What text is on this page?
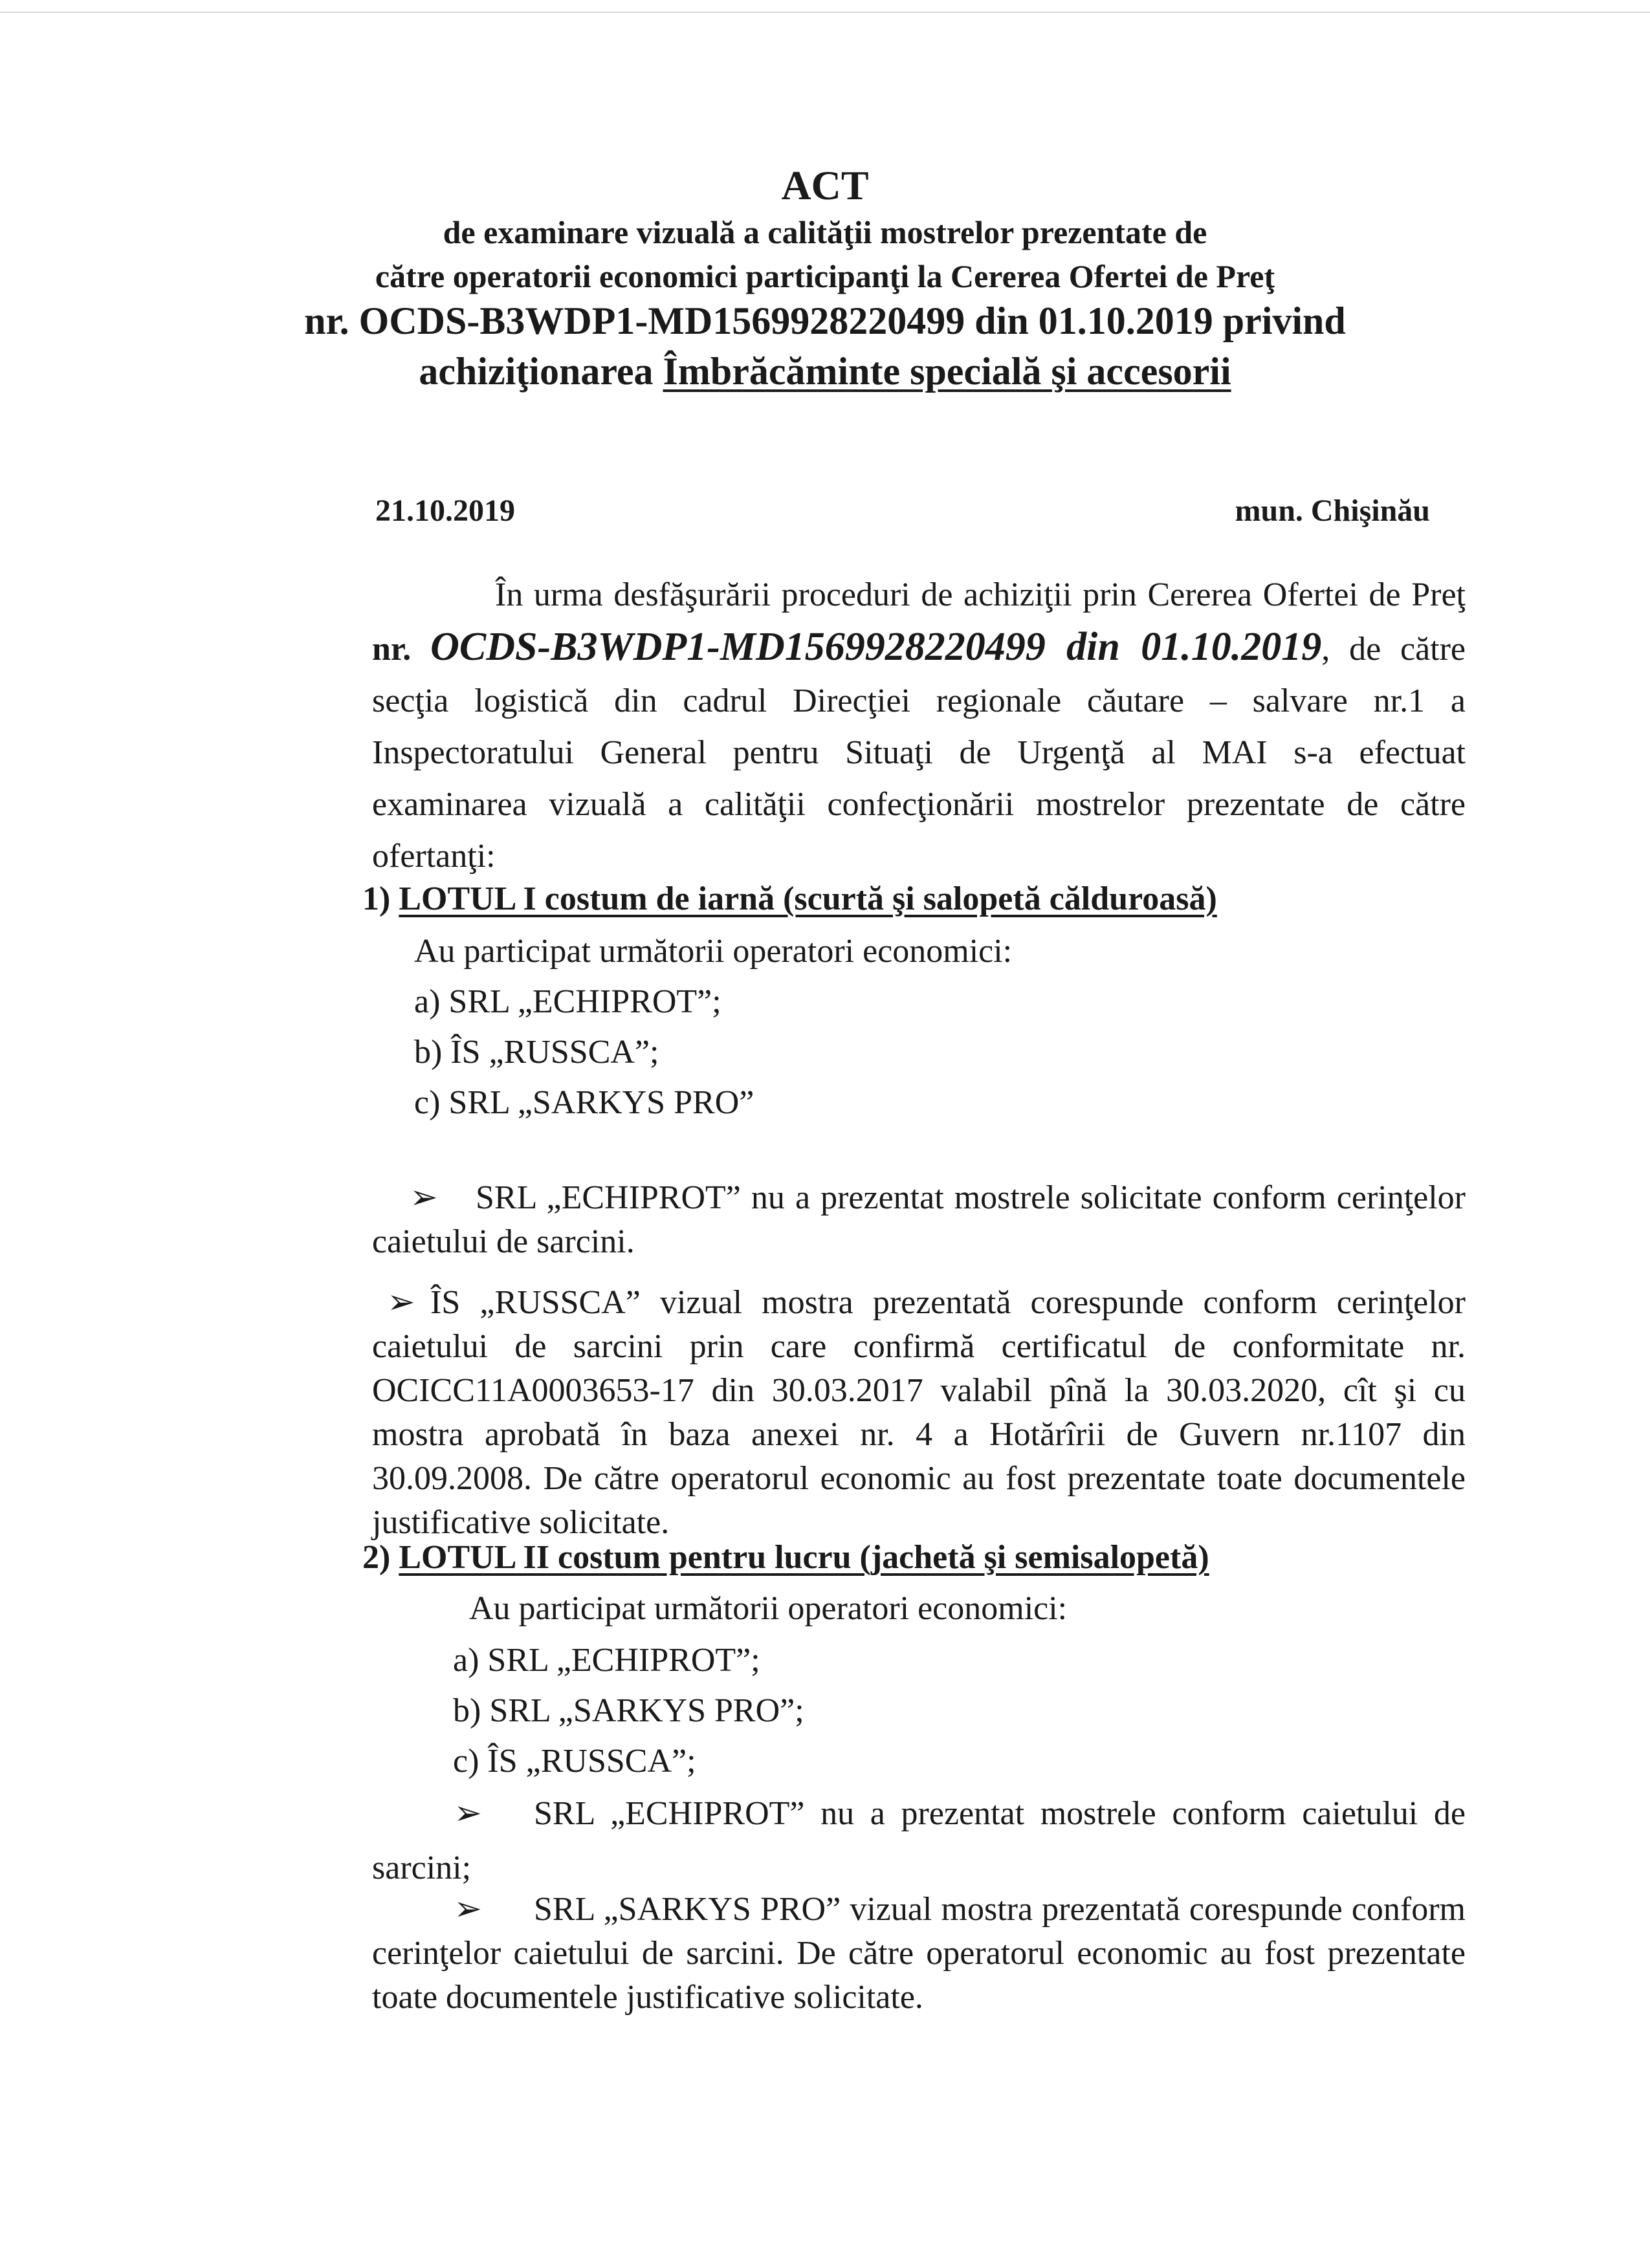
ACT
de examinare vizuală a calităţii mostrelor prezentate de
către operatorii economici participanţi la Cererea Ofertei de Preţ
nr. OCDS-B3WDP1-MD1569928220499 din 01.10.2019 privind
achiziţionarea Îmbrăcăminte specială şi accesorii
21.10.2019	mun. Chişinău

În urma desfăşurării proceduri de achiziţii prin Cererea Ofertei de Preţ nr. OCDS-B3WDP1-MD1569928220499 din 01.10.2019, de către secţia logistică din cadrul Direcţiei regionale căutare – salvare nr.1 a Inspectoratului General pentru Situaţi de Urgenţă al MAI s-a efectuat examinarea vizuală a calităţii confecţionării mostrelor prezentate de către ofertanţi:

1) LOTUL I costum de iarnă (scurtă şi salopetă călduroasă)
Au participat următorii operatori economici:
a) SRL „ECHIPROT”;
b) ÎS „RUSSCA”;
c) SRL „SARKYS PRO”

➢ SRL „ECHIPROT” nu a prezentat mostrele solicitate conform cerinţelor caietului de sarcini.

➢ ÎS „RUSSCA” vizual mostra prezentată corespunde conform cerinţelor caietului de sarcini prin care confirmă certificatul de conformitate nr. OCICC11A0003653-17 din 30.03.2017 valabil pînă la 30.03.2020, cît şi cu mostra aprobată în baza anexei nr. 4 a Hotărîrii de Guvern nr.1107 din 30.09.2008. De către operatorul economic au fost prezentate toate documentele justificative solicitate.

2) LOTUL II costum pentru lucru (jachetă şi semisalopetă)
Au participat următorii operatori economici:
a) SRL „ECHIPROT”;
b) SRL „SARKYS PRO”;
c) ÎS „RUSSCA”;

➢ SRL „ECHIPROT” nu a prezentat mostrele conform caietului de sarcini;

➢ SRL „SARKYS PRO” vizual mostra prezentată corespunde conform cerinţelor caietului de sarcini. De către operatorul economic au fost prezentate toate documentele justificative solicitate.
